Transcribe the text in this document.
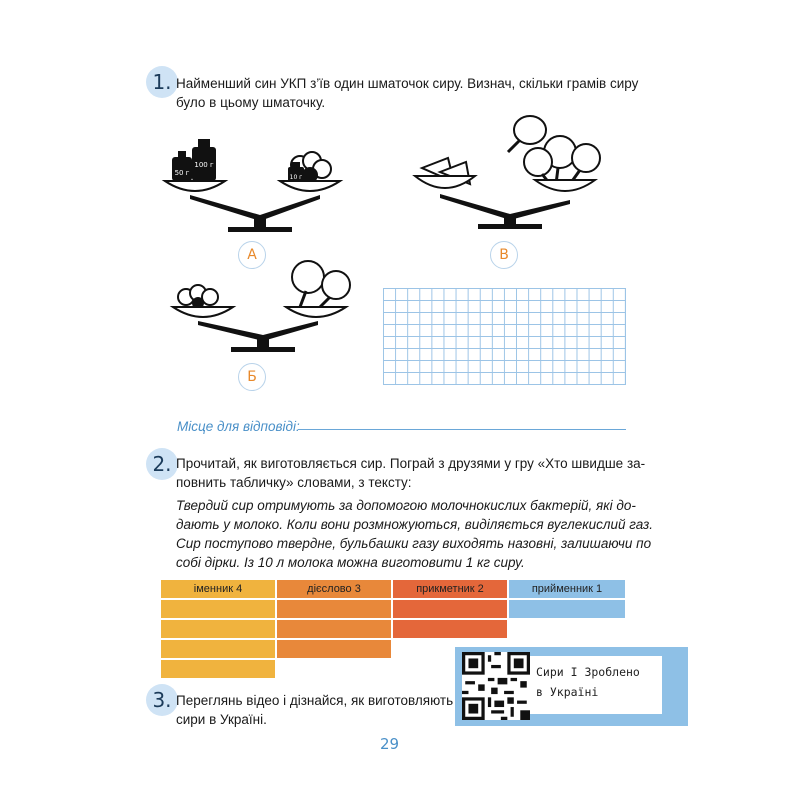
1. Найменший син УКП з’їв один шматочок сиру. Визнач, скільки грамів сиру
було в цьому шматочку.
50 г
100 г
10 г
А	В
Б
Місце для відповіді:
2. Прочитай, як виготовляється сир. Пограй з друзями у гру «Хто швидше за-
повнить табличку» словами, з тексту:
Твердий сир отримують за допомогою молочнокислих бактерій, які до-
дають у молоко. Коли вони розмножуються, виділяється вуглекислий газ.
Сир поступово твердне, бульбашки газу виходять назовні, залишаючи по
собі дірки. Із 10 л молока можна виготовити 1 кг сиру.
іменник 4	дієслово 3	прикметник 2	прийменник 1
3. Переглянь відео і дізнайся, як виготовляють
сири в Україні.
Сири І Зроблено
в Україні
29
